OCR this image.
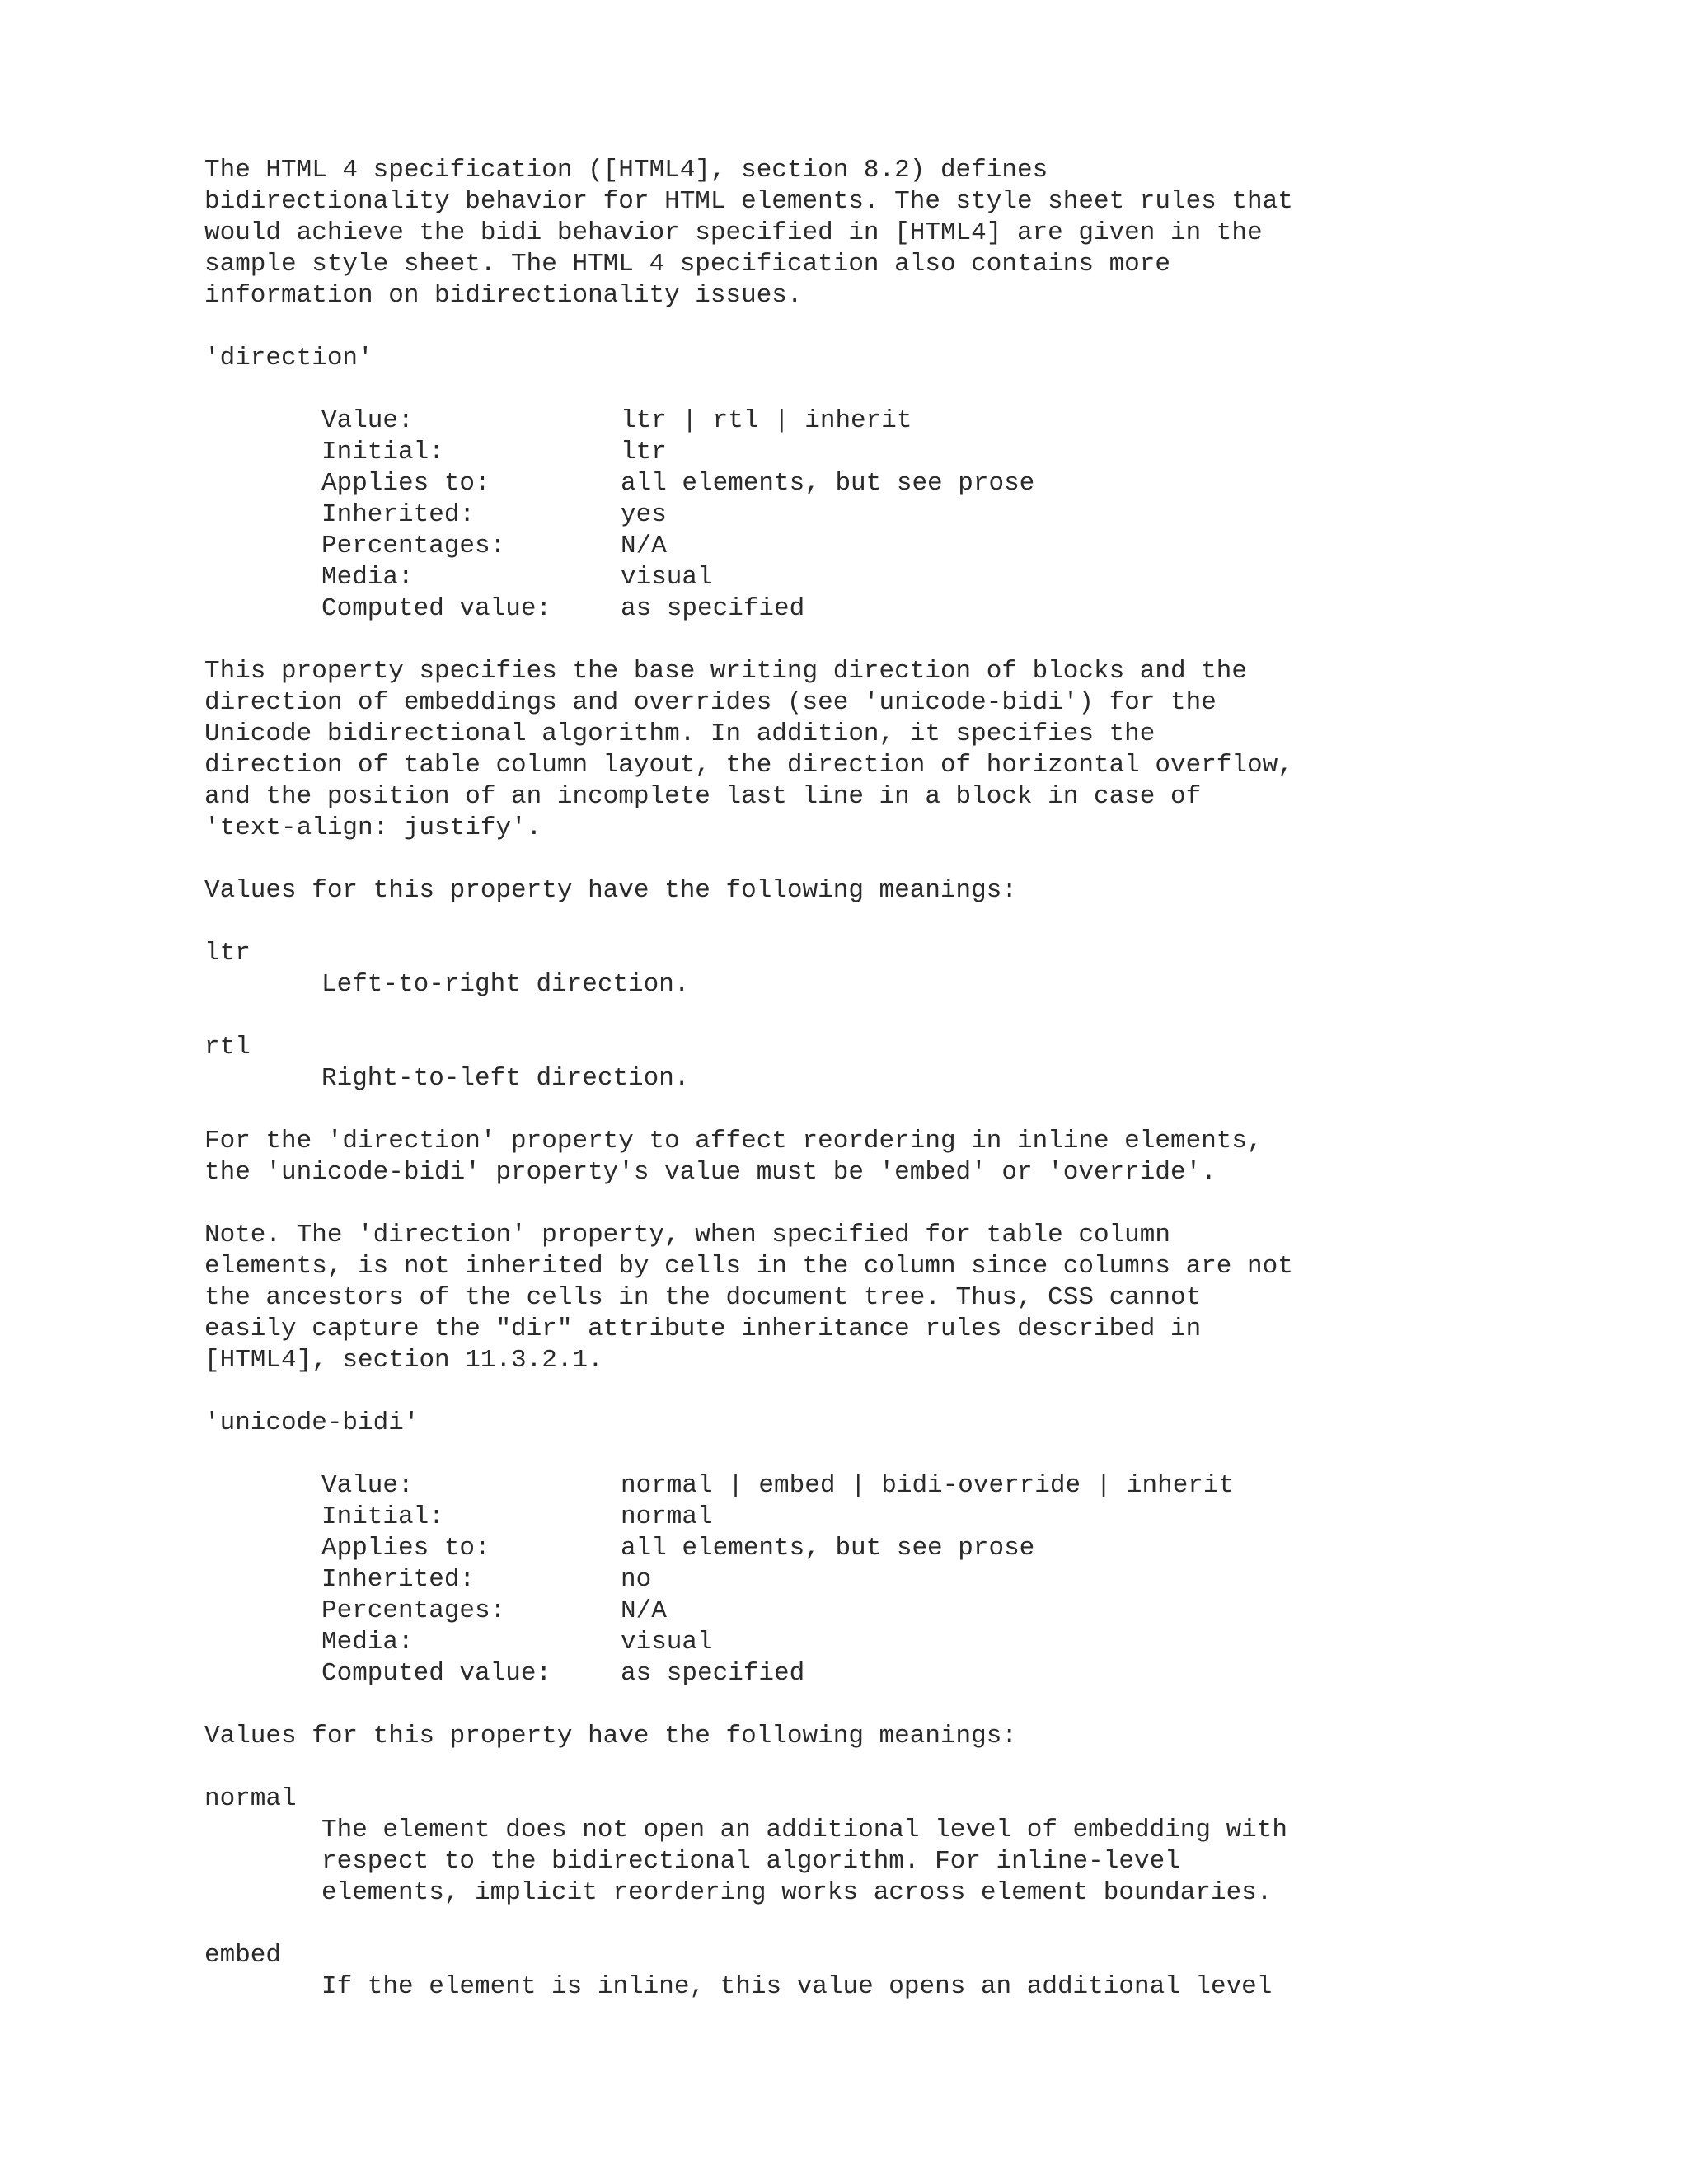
The HTML 4 specification ([HTML4], section 8.2) defines
bidirectionality behavior for HTML elements. The style sheet rules that
would achieve the bidi behavior specified in [HTML4] are given in the
sample style sheet. The HTML 4 specification also contains more
information on bidirectionality issues.
'direction'
Value:	ltr | rtl | inherit
Initial:	ltr
Applies to:	all elements, but see prose
Inherited:	yes
Percentages:	N/A
Media:	visual
Computed value:	as specified
This property specifies the base writing direction of blocks and the
direction of embeddings and overrides (see 'unicode-bidi') for the
Unicode bidirectional algorithm. In addition, it specifies the
direction of table column layout, the direction of horizontal overflow,
and the position of an incomplete last line in a block in case of
'text-align: justify'.
Values for this property have the following meanings:
ltr
Left-to-right direction.
rtl
Right-to-left direction.
For the 'direction' property to affect reordering in inline elements,
the 'unicode-bidi' property's value must be 'embed' or 'override'.
Note. The 'direction' property, when specified for table column
elements, is not inherited by cells in the column since columns are not
the ancestors of the cells in the document tree. Thus, CSS cannot
easily capture the "dir" attribute inheritance rules described in
[HTML4], section 11.3.2.1.
'unicode-bidi'
Value:	normal | embed | bidi-override | inherit
Initial:	normal
Applies to:	all elements, but see prose
Inherited:	no
Percentages:	N/A
Media:	visual
Computed value:	as specified
Values for this property have the following meanings:
normal
The element does not open an additional level of embedding with
respect to the bidirectional algorithm. For inline-level
elements, implicit reordering works across element boundaries.
embed
If the element is inline, this value opens an additional level
